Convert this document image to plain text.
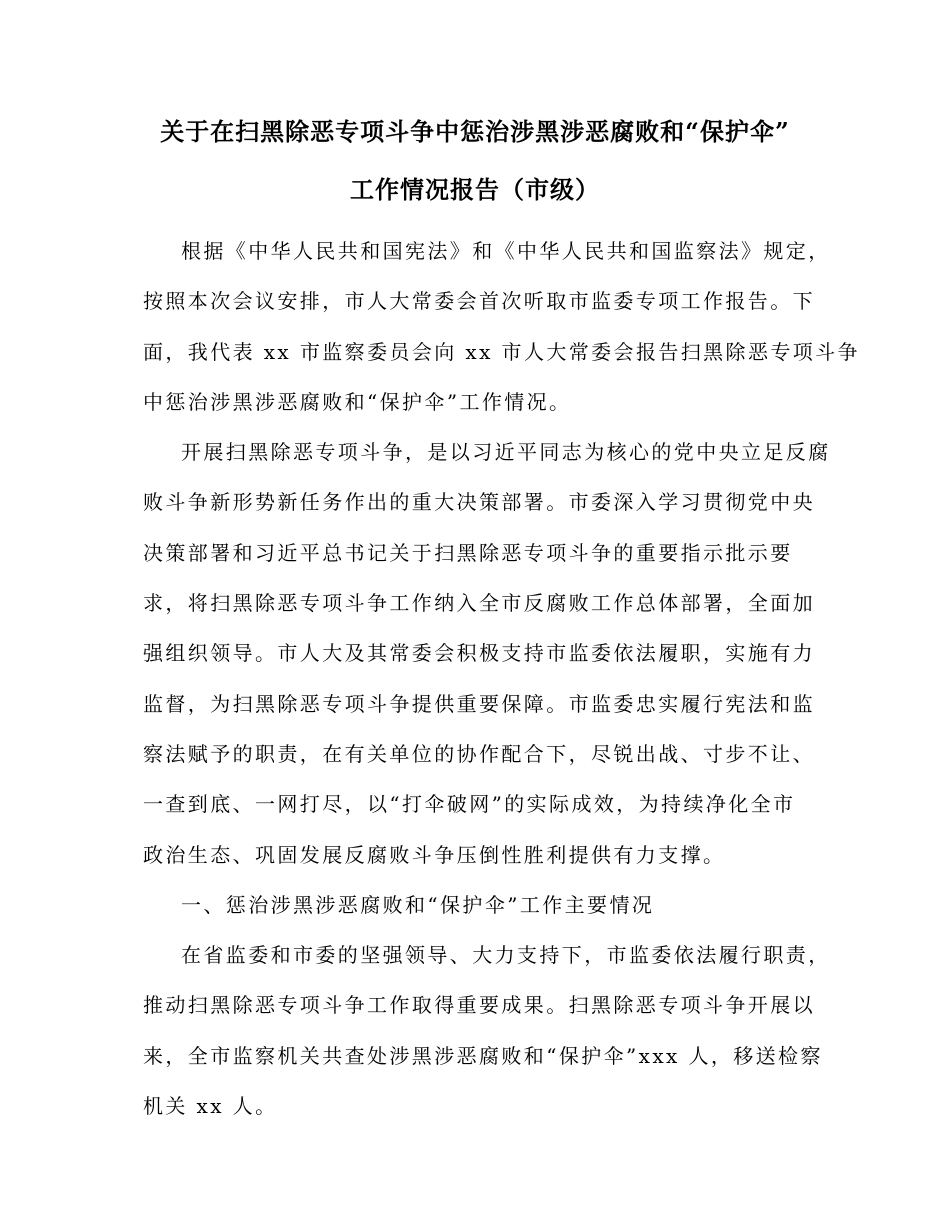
关于在扫黑除恶专项斗争中惩治涉黑涉恶腐败和“保护伞”
工作情况报告（市级）
根据《中华人民共和国宪法》和《中华人民共和国监察法》规定，
按照本次会议安排，市人大常委会首次听取市监委专项工作报告。下
面，我代表 xx 市监察委员会向 xx 市人大常委会报告扫黑除恶专项斗争
中惩治涉黑涉恶腐败和“保护伞”工作情况。
开展扫黑除恶专项斗争，是以习近平同志为核心的党中央立足反腐
败斗争新形势新任务作出的重大决策部署。市委深入学习贯彻党中央
决策部署和习近平总书记关于扫黑除恶专项斗争的重要指示批示要
求，将扫黑除恶专项斗争工作纳入全市反腐败工作总体部署，全面加
强组织领导。市人大及其常委会积极支持市监委依法履职，实施有力
监督，为扫黑除恶专项斗争提供重要保障。市监委忠实履行宪法和监
察法赋予的职责，在有关单位的协作配合下，尽锐出战、寸步不让、
一查到底、一网打尽，以“打伞破网”的实际成效，为持续净化全市
政治生态、巩固发展反腐败斗争压倒性胜利提供有力支撑。
一、惩治涉黑涉恶腐败和“保护伞”工作主要情况
在省监委和市委的坚强领导、大力支持下，市监委依法履行职责，
推动扫黑除恶专项斗争工作取得重要成果。扫黑除恶专项斗争开展以
来，全市监察机关共查处涉黑涉恶腐败和“保护伞”xxx 人，移送检察
机关 xx 人。
